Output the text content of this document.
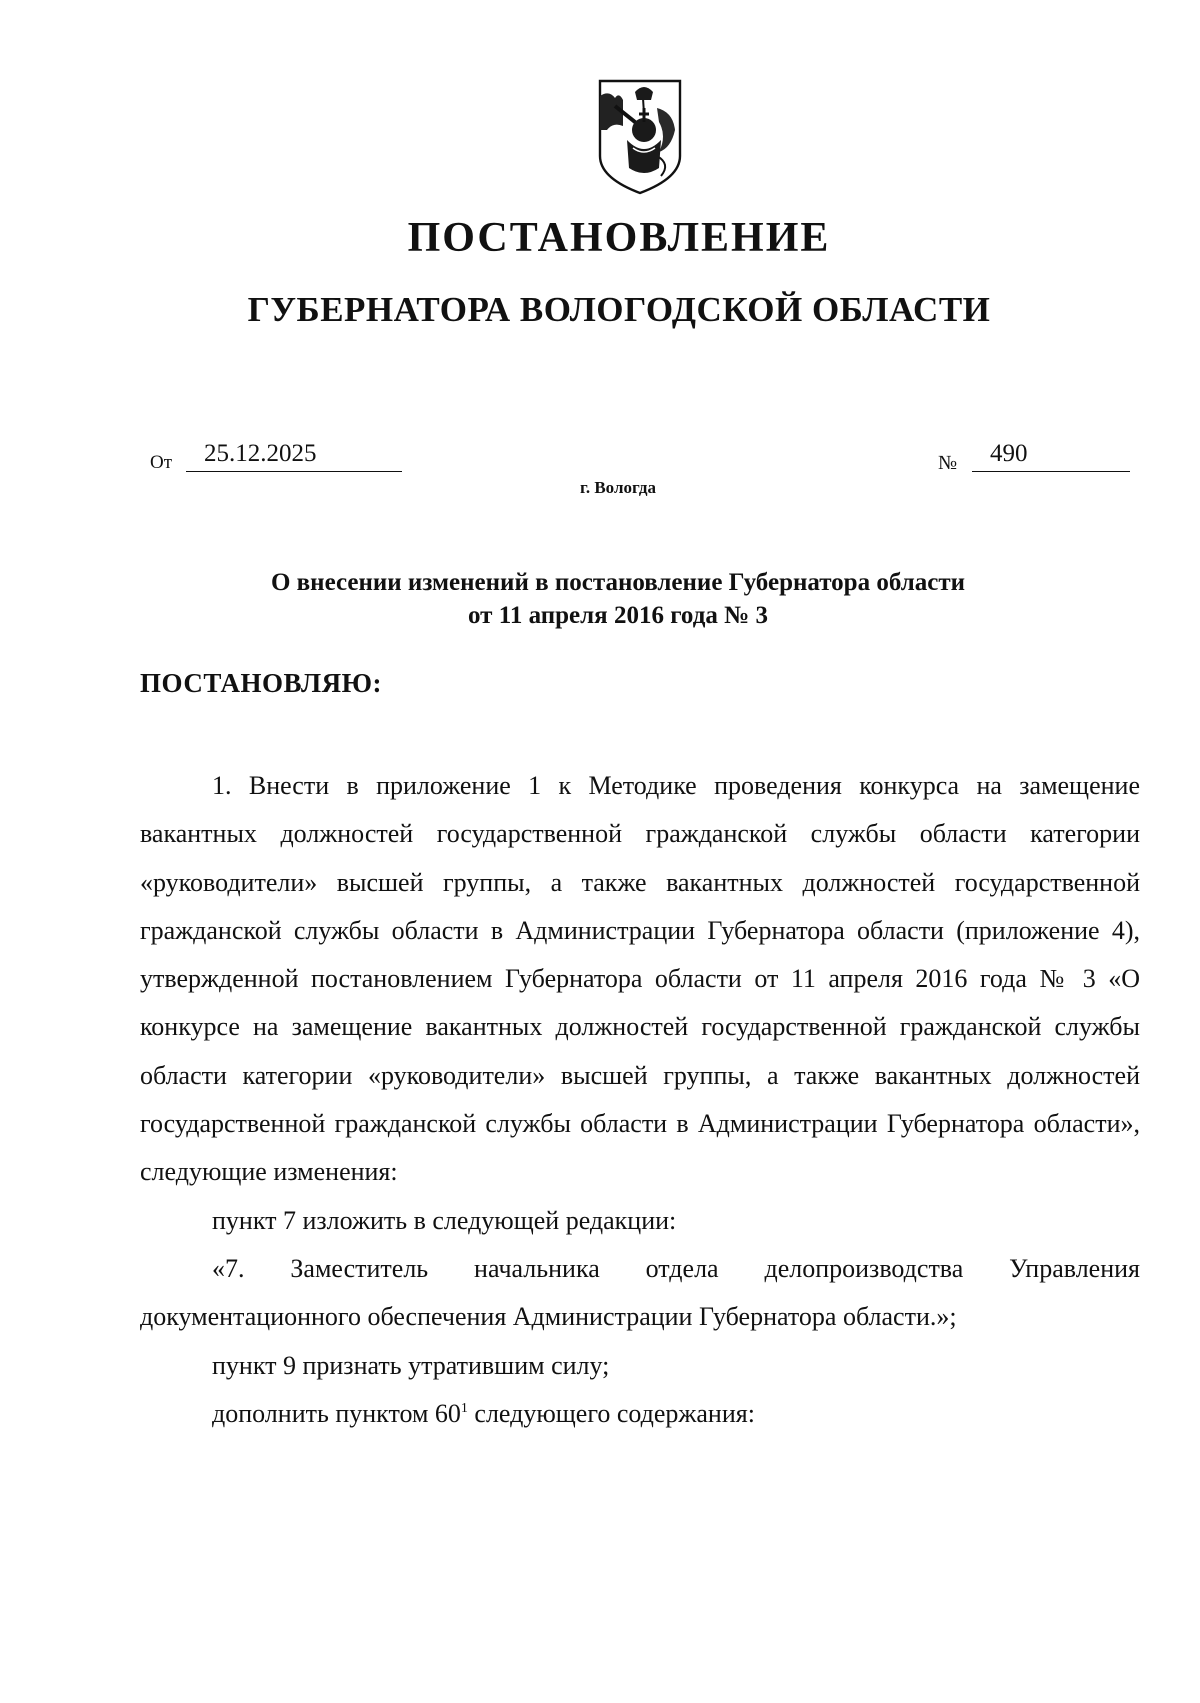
ПОСТАНОВЛЕНИЕ
ГУБЕРНАТОРА ВОЛОГОДСКОЙ ОБЛАСТИ
От	25.12.2025	№	490
г. Вологда
О внесении изменений в постановление Губернатора области
от 11 апреля 2016 года № 3
ПОСТАНОВЛЯЮ:

1. Внести в приложение 1 к Методике проведения конкурса на замещение вакантных должностей государственной гражданской службы области категории «руководители» высшей группы, а также вакантных должностей государственной гражданской службы области в Администрации Губернатора области (приложение 4), утвержденной постановлением Губернатора области от 11 апреля 2016 года № 3 «О конкурсе на замещение вакантных должностей государственной гражданской службы области категории «руководители» высшей группы, а также вакантных должностей государственной гражданской службы области в Администрации Губернатора области», следующие изменения:

пункт 7 изложить в следующей редакции:

«7. Заместитель начальника отдела делопроизводства Управления документационного обеспечения Администрации Губернатора области.»;

пункт 9 признать утратившим силу;

дополнить пунктом $60^1$ следующего содержания:
